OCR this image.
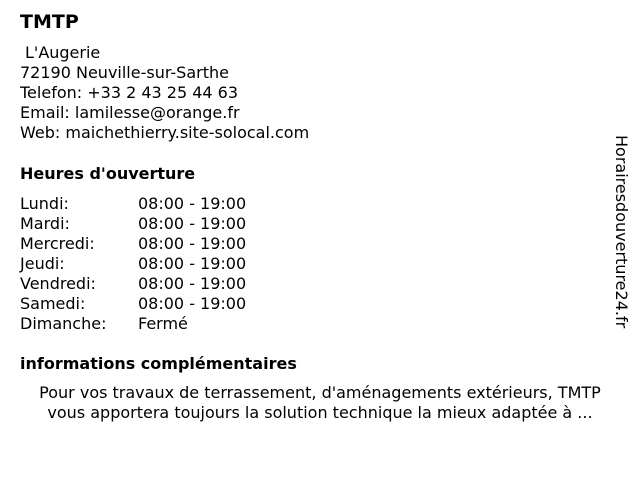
TMTP
L'Augerie
72190 Neuville-sur-Sarthe
Telefon: +33 2 43 25 44 63
Email: lamilesse@orange.fr
Web: maichethierry.site-solocal.com
Heures d'ouverture
Lundi:	08:00 - 19:00
Mardi:	08:00 - 19:00
Mercredi:	08:00 - 19:00
Jeudi:	08:00 - 19:00
Vendredi:	08:00 - 19:00
Samedi:	08:00 - 19:00
Dimanche:	Fermé
informations complémentaires
Pour vos travaux de terrassement, d'aménagements extérieurs, TMTP vous apportera toujours la solution technique la mieux adaptée à ...
Horairesdouverture24.fr
